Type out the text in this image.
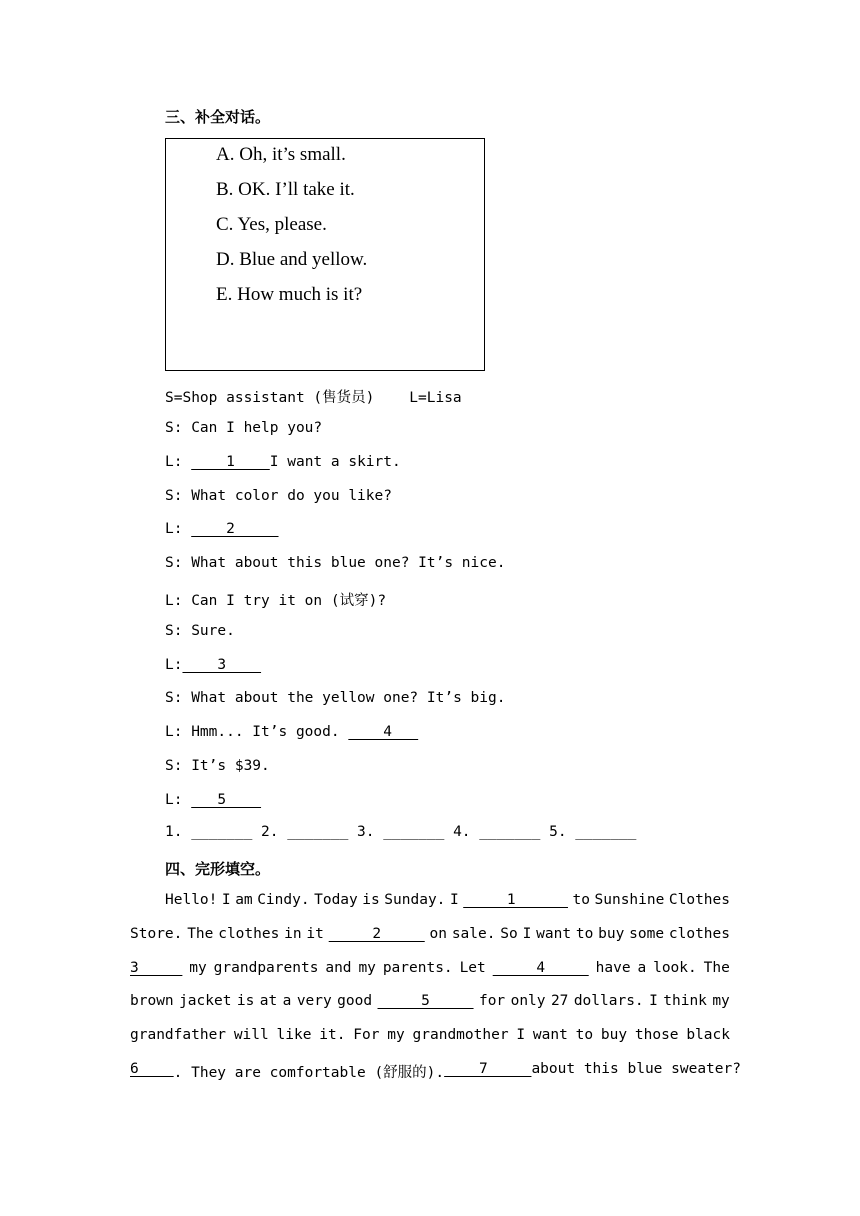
三、补全对话。
A. Oh, it’s small.
B. OK. I’ll take it.
C. Yes, please.
D. Blue and yellow.
E. How much is it?
S=Shop assistant (售货员)    L=Lisa
S: Can I help you?
L:     1    I want a skirt.
S: What color do you like?
L:     2
S: What about this blue one? It’s nice.
L: Can I try it on (试穿)?
S: Sure.
L:    3
S: What about the yellow one? It’s big.
L: Hmm... It’s good.     4
S: It’s $39.
L:    5
1. _______ 2. _______ 3. _______ 4. _______ 5. _______
四、完形填空。
Hello! I am Cindy. Today is Sunday. I 1 to Sunshine Clothes
Store. The clothes in it 2 on sale. So I want to buy some clothes
3 my grandparents and my parents. Let 4 have a look. The
brown jacket is at a very good 5 for only 27 dollars. I think my
grandfather will like it. For my grandmother I want to buy those black
6 . They are comfortable (舒服的). 7 about this blue sweater?
